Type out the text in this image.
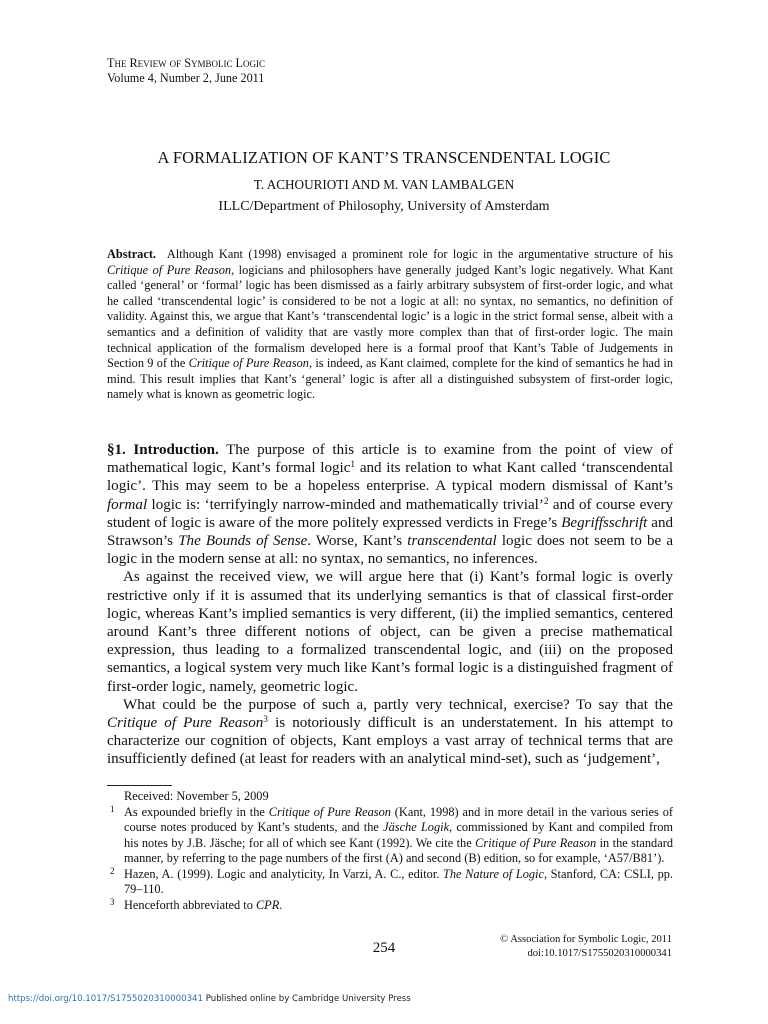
The Review of Symbolic Logic
Volume 4, Number 2, June 2011
A FORMALIZATION OF KANT’S TRANSCENDENTAL LOGIC
T. ACHOURIOTI AND M. VAN LAMBALGEN
ILLC/Department of Philosophy, University of Amsterdam

Abstract. Although Kant (1998) envisaged a prominent role for logic in the argumentative structure of his Critique of Pure Reason, logicians and philosophers have generally judged Kant’s logic negatively. What Kant called ‘general’ or ‘formal’ logic has been dismissed as a fairly arbitrary subsystem of first-order logic, and what he called ‘transcendental logic’ is considered to be not a logic at all: no syntax, no semantics, no definition of validity. Against this, we argue that Kant’s ‘transcendental logic’ is a logic in the strict formal sense, albeit with a semantics and a definition of validity that are vastly more complex than that of first-order logic. The main technical application of the formalism developed here is a formal proof that Kant’s Table of Judgements in Section 9 of the Critique of Pure Reason, is indeed, as Kant claimed, complete for the kind of semantics he had in mind. This result implies that Kant’s ‘general’ logic is after all a distinguished subsystem of first-order logic, namely what is known as geometric logic.

§1. Introduction. The purpose of this article is to examine from the point of view of mathematical logic, Kant’s formal logic$^1$ and its relation to what Kant called ‘transcendental logic’. This may seem to be a hopeless enterprise. A typical modern dismissal of Kant’s formal logic is: ‘terrifyingly narrow-minded and mathematically trivial’$^2$ and of course every student of logic is aware of the more politely expressed verdicts in Frege’s Begriffsschrift and Strawson’s The Bounds of Sense. Worse, Kant’s transcendental logic does not seem to be a logic in the modern sense at all: no syntax, no semantics, no inferences.

As against the received view, we will argue here that (i) Kant’s formal logic is overly restrictive only if it is assumed that its underlying semantics is that of classical first-order logic, whereas Kant’s implied semantics is very different, (ii) the implied semantics, centered around Kant’s three different notions of object, can be given a precise mathematical expression, thus leading to a formalized transcendental logic, and (iii) on the proposed semantics, a logical system very much like Kant’s formal logic is a distinguished fragment of first-order logic, namely, geometric logic.

What could be the purpose of such a, partly very technical, exercise? To say that the Critique of Pure Reason$^3$ is notoriously difficult is an understatement. In his attempt to characterize our cognition of objects, Kant employs a vast array of technical terms that are insufficiently defined (at least for readers with an analytical mind-set), such as ‘judgement’,

Received: November 5, 2009
1 As expounded briefly in the Critique of Pure Reason (Kant, 1998) and in more detail in the various series of course notes produced by Kant’s students, and the Jäsche Logik, commissioned by Kant and compiled from his notes by J.B. Jäsche; for all of which see Kant (1992). We cite the Critique of Pure Reason in the standard manner, by referring to the page numbers of the first (A) and second (B) edition, so for example, ‘A57/B81’).
2 Hazen, A. (1999). Logic and analyticity, In Varzi, A. C., editor. The Nature of Logic, Stanford, CA: CSLI, pp. 79–110.
3 Henceforth abbreviated to CPR.
254
© Association for Symbolic Logic, 2011
doi:10.1017/S1755020310000341
https://doi.org/10.1017/S1755020310000341 Published online by Cambridge University Press
